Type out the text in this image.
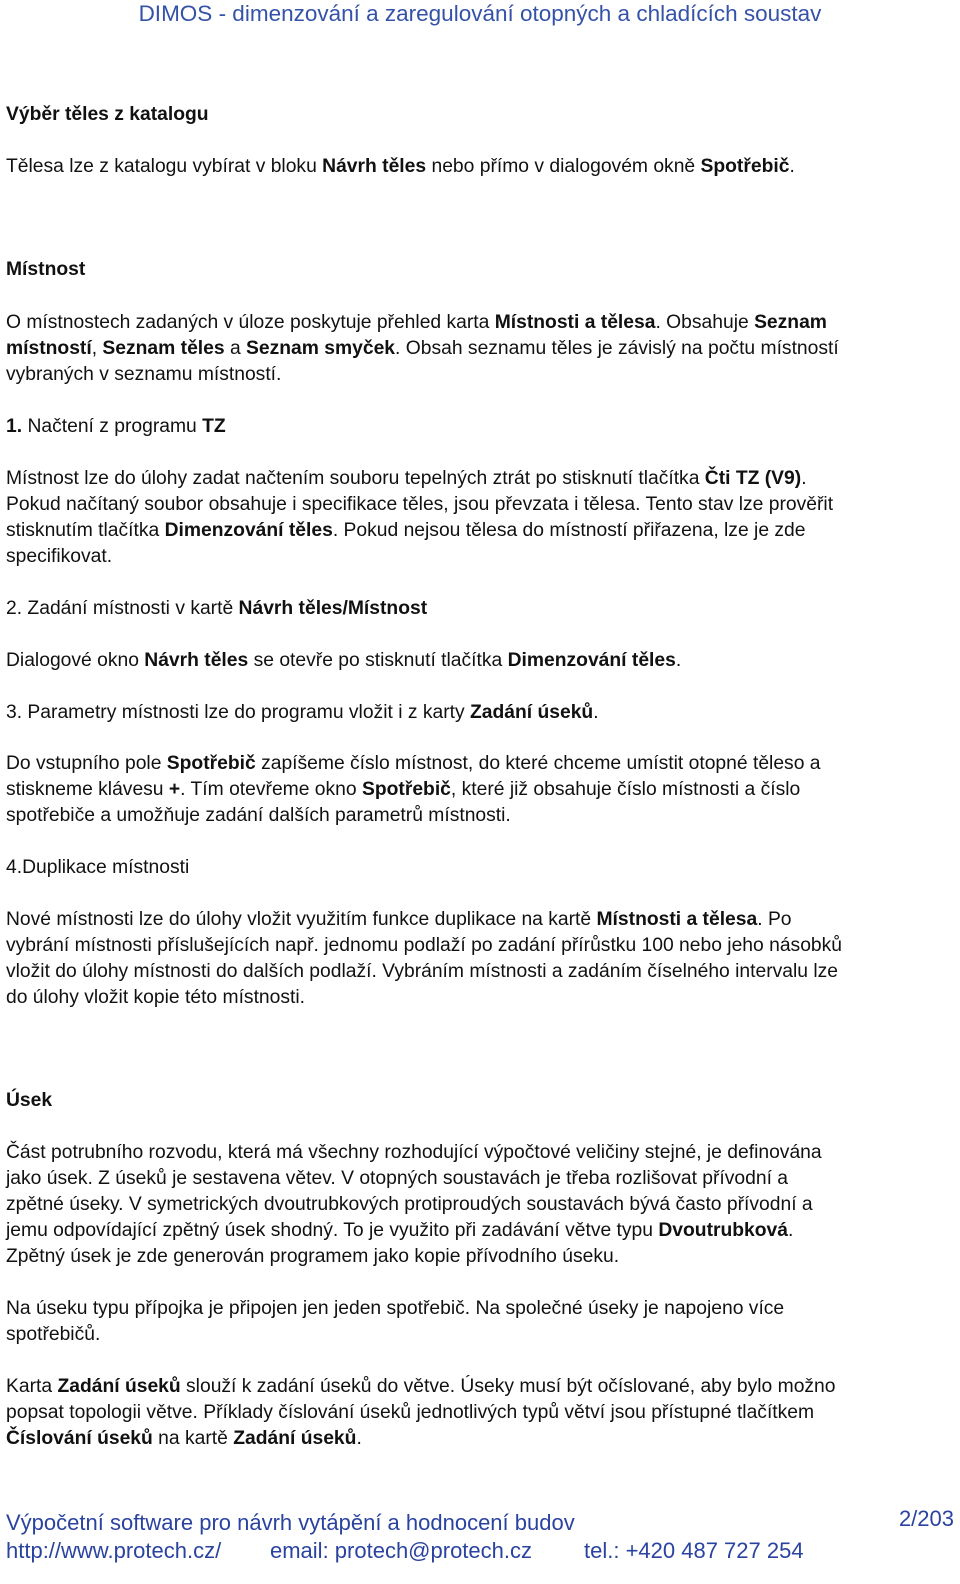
DIMOS - dimenzování a zaregulování otopných a chladících soustav
Výběr těles z katalogu
Tělesa lze z katalogu vybírat v bloku Návrh těles nebo přímo v dialogovém okně Spotřebič.
Místnost
O místnostech zadaných v úloze poskytuje přehled karta Místnosti a tělesa. Obsahuje Seznam
místností, Seznam těles a Seznam smyček. Obsah seznamu těles je závislý na počtu místností
vybraných v seznamu místností.
1. Načtení z programu TZ
Místnost lze do úlohy zadat načtením souboru tepelných ztrát po stisknutí tlačítka Čti TZ (V9).
Pokud načítaný soubor obsahuje i specifikace těles, jsou převzata i tělesa. Tento stav lze prověřit
stisknutím tlačítka Dimenzování těles. Pokud nejsou tělesa do místností přiřazena, lze je zde
specifikovat.
2. Zadání místnosti v kartě Návrh těles/Místnost
Dialogové okno Návrh těles se otevře po stisknutí tlačítka Dimenzování těles.
3. Parametry místnosti lze do programu vložit i z karty Zadání úseků.
Do vstupního pole Spotřebič zapíšeme číslo místnost, do které chceme umístit otopné těleso a
stiskneme klávesu +. Tím otevřeme okno Spotřebič, které již obsahuje číslo místnosti a číslo
spotřebiče a umožňuje zadání dalších parametrů místnosti.
4.Duplikace místnosti
Nové místnosti lze do úlohy vložit využitím funkce duplikace na kartě Místnosti a tělesa. Po
vybrání místnosti příslušejících např. jednomu podlaží po zadání přírůstku 100 nebo jeho násobků
vložit do úlohy místnosti do dalších podlaží. Vybráním místnosti a zadáním číselného intervalu lze
do úlohy vložit kopie této místnosti.
Úsek
Část potrubního rozvodu, která má všechny rozhodující výpočtové veličiny stejné, je definována
jako úsek. Z úseků je sestavena větev. V otopných soustavách je třeba rozlišovat přívodní a
zpětné úseky. V symetrických dvoutrubkových protiproudých soustavách bývá často přívodní a
jemu odpovídající zpětný úsek shodný. To je využito při zadávání větve typu Dvoutrubková.
Zpětný úsek je zde generován programem jako kopie přívodního úseku.
Na úseku typu přípojka je připojen jen jeden spotřebič. Na společné úseky je napojeno více
spotřebičů.
Karta Zadání úseků slouží k zadání úseků do větve. Úseky musí být očíslované, aby bylo možno
popsat topologii větve. Příklady číslování úseků jednotlivých typů větví jsou přístupné tlačítkem
Číslování úseků na kartě Zadání úseků.
Výpočetní software pro návrh vytápění a hodnocení budov	2/203
http://www.protech.cz/ email: protech@protech.cz tel.: +420 487 727 254
